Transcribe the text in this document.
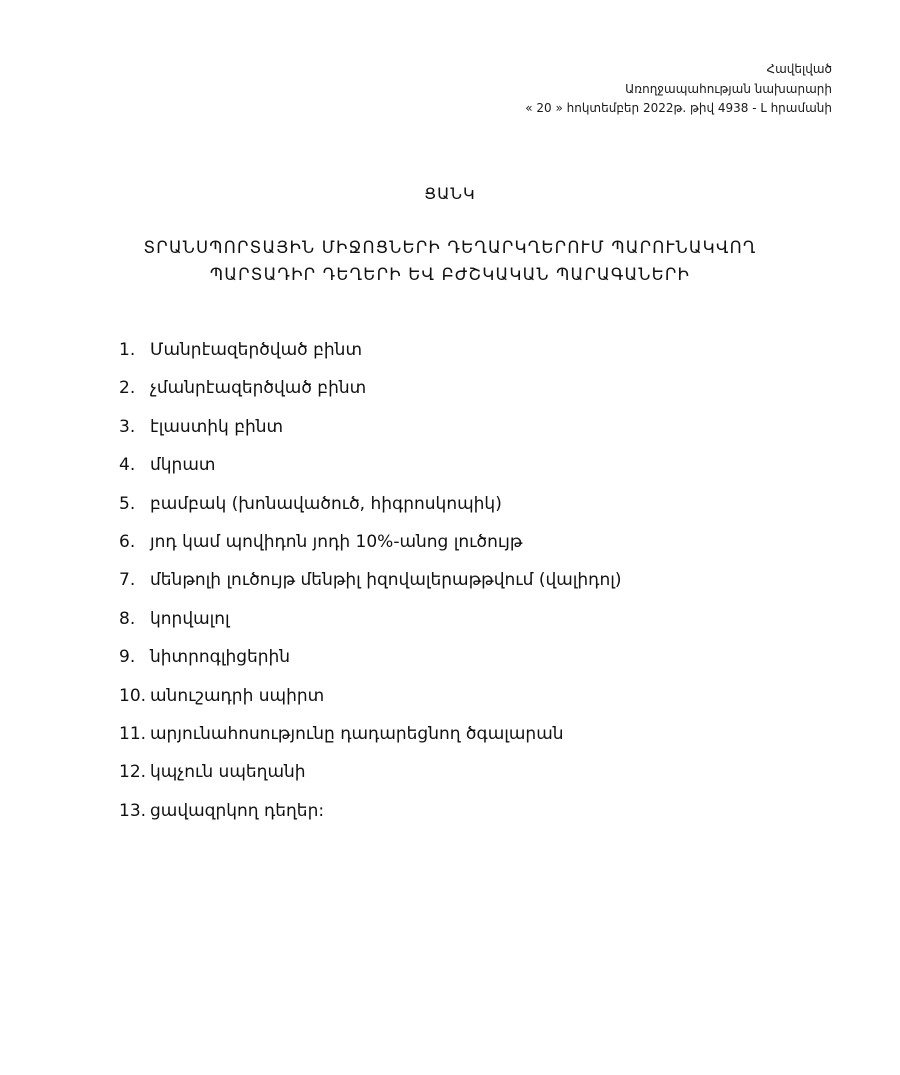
Հավելված
Առողջապահության նախարարի
« 20 » հոկտեմբեր 2022թ. թիվ 4938 - Լ հրամանի
ՑԱՆԿ
ՏՐԱՆՍՊՈՐՏԱՅԻՆ ՄԻՋՈՑՆԵՐԻ ԴԵՂԱՐԿՂԵՐՈՒՄ ՊԱՐՈՒՆԱԿՎՈՂ
ՊԱՐՏԱԴԻՐ ԴԵՂԵՐԻ ԵՎ ԲԺՇԿԱԿԱՆ ՊԱՐԱԳԱՆԵՐԻ
1. Մանրէազերծված բինտ
2. չմանրէազերծված բինտ
3. էլաստիկ բինտ
4. մկրատ
5. բամբակ (խոնավածուծ, հիգրոսկոպիկ)
6. յոդ կամ պովիդոն յոդի 10%-անոց լուծույթ
7. մենթոլի լուծույթ մենթիլ իզովալերաթթվում (վալիդոլ)
8. կորվալոլ
9. նիտրոգլիցերին
10. անուշադրի սպիրտ
11. արյունահոսությունը դադարեցնող ծգալարան
12. կպչուն սպեղանի
13. ցավազրկող դեղեր:
